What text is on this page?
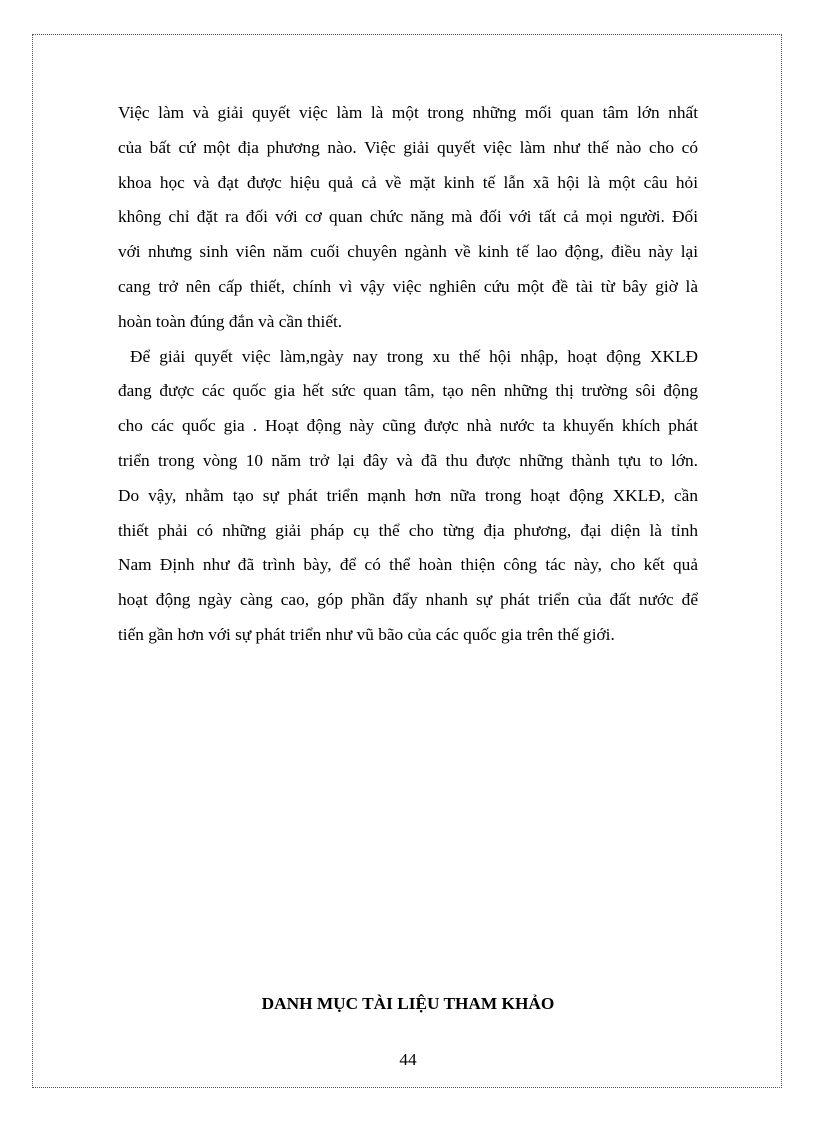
Việc làm và giải quyết việc làm là một trong những mối quan tâm lớn nhất
của bất cứ một địa phương nào. Việc giải quyết việc làm như thế nào cho có
khoa học và đạt được hiệu quả cả về mặt kinh tế lẫn xã hội là một câu hỏi
không chỉ đặt ra đối với cơ quan chức năng mà đối với tất cả mọi người. Đối
với nhưng sinh viên năm cuối chuyên ngành về kinh tế lao động, điều này lại
cang trở nên cấp thiết, chính vì vậy việc nghiên cứu một đề tài từ bây giờ là
hoàn toàn đúng đắn và cần thiết.

Để giải quyết việc làm,ngày nay trong xu thế hội nhập, hoạt động XKLĐ
đang được các quốc gia hết sức quan tâm, tạo nên những thị trường sôi động
cho các quốc gia . Hoạt động này cũng được nhà nước ta khuyến khích phát
triển trong vòng 10 năm trở lại đây và đã thu được những thành tựu to lớn.
Do vậy, nhằm tạo sự phát triển mạnh hơn nữa trong hoạt động XKLĐ, cần
thiết phải có những giải pháp cụ thể cho từng địa phương, đại diện là tỉnh
Nam Định như đã trình bày, để có thể hoàn thiện công tác này, cho kết quả
hoạt động ngày càng cao, góp phần đẩy nhanh sự phát triển của đất nước để
tiến gần hơn với sự phát triển như vũ bão của các quốc gia trên thế giới.

DANH MỤC TÀI LIỆU THAM KHẢO
44
